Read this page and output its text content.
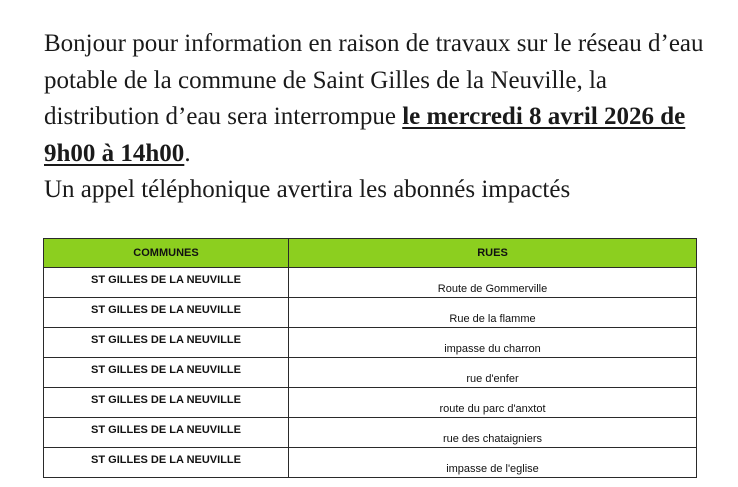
Bonjour pour information en raison de travaux sur le réseau d’eau potable de la commune de Saint Gilles de la Neuville, la distribution d’eau sera interrompue le mercredi 8 avril 2026 de 9h00 à 14h00.

Un appel téléphonique avertira les abonnés impactés

COMMUNES	RUES
ST GILLES DE LA NEUVILLE	Route de Gommerville
ST GILLES DE LA NEUVILLE	Rue de la flamme
ST GILLES DE LA NEUVILLE	impasse du charron
ST GILLES DE LA NEUVILLE	rue d'enfer
ST GILLES DE LA NEUVILLE	route du parc d'anxtot
ST GILLES DE LA NEUVILLE	rue des chataigniers
ST GILLES DE LA NEUVILLE	impasse de l'eglise
